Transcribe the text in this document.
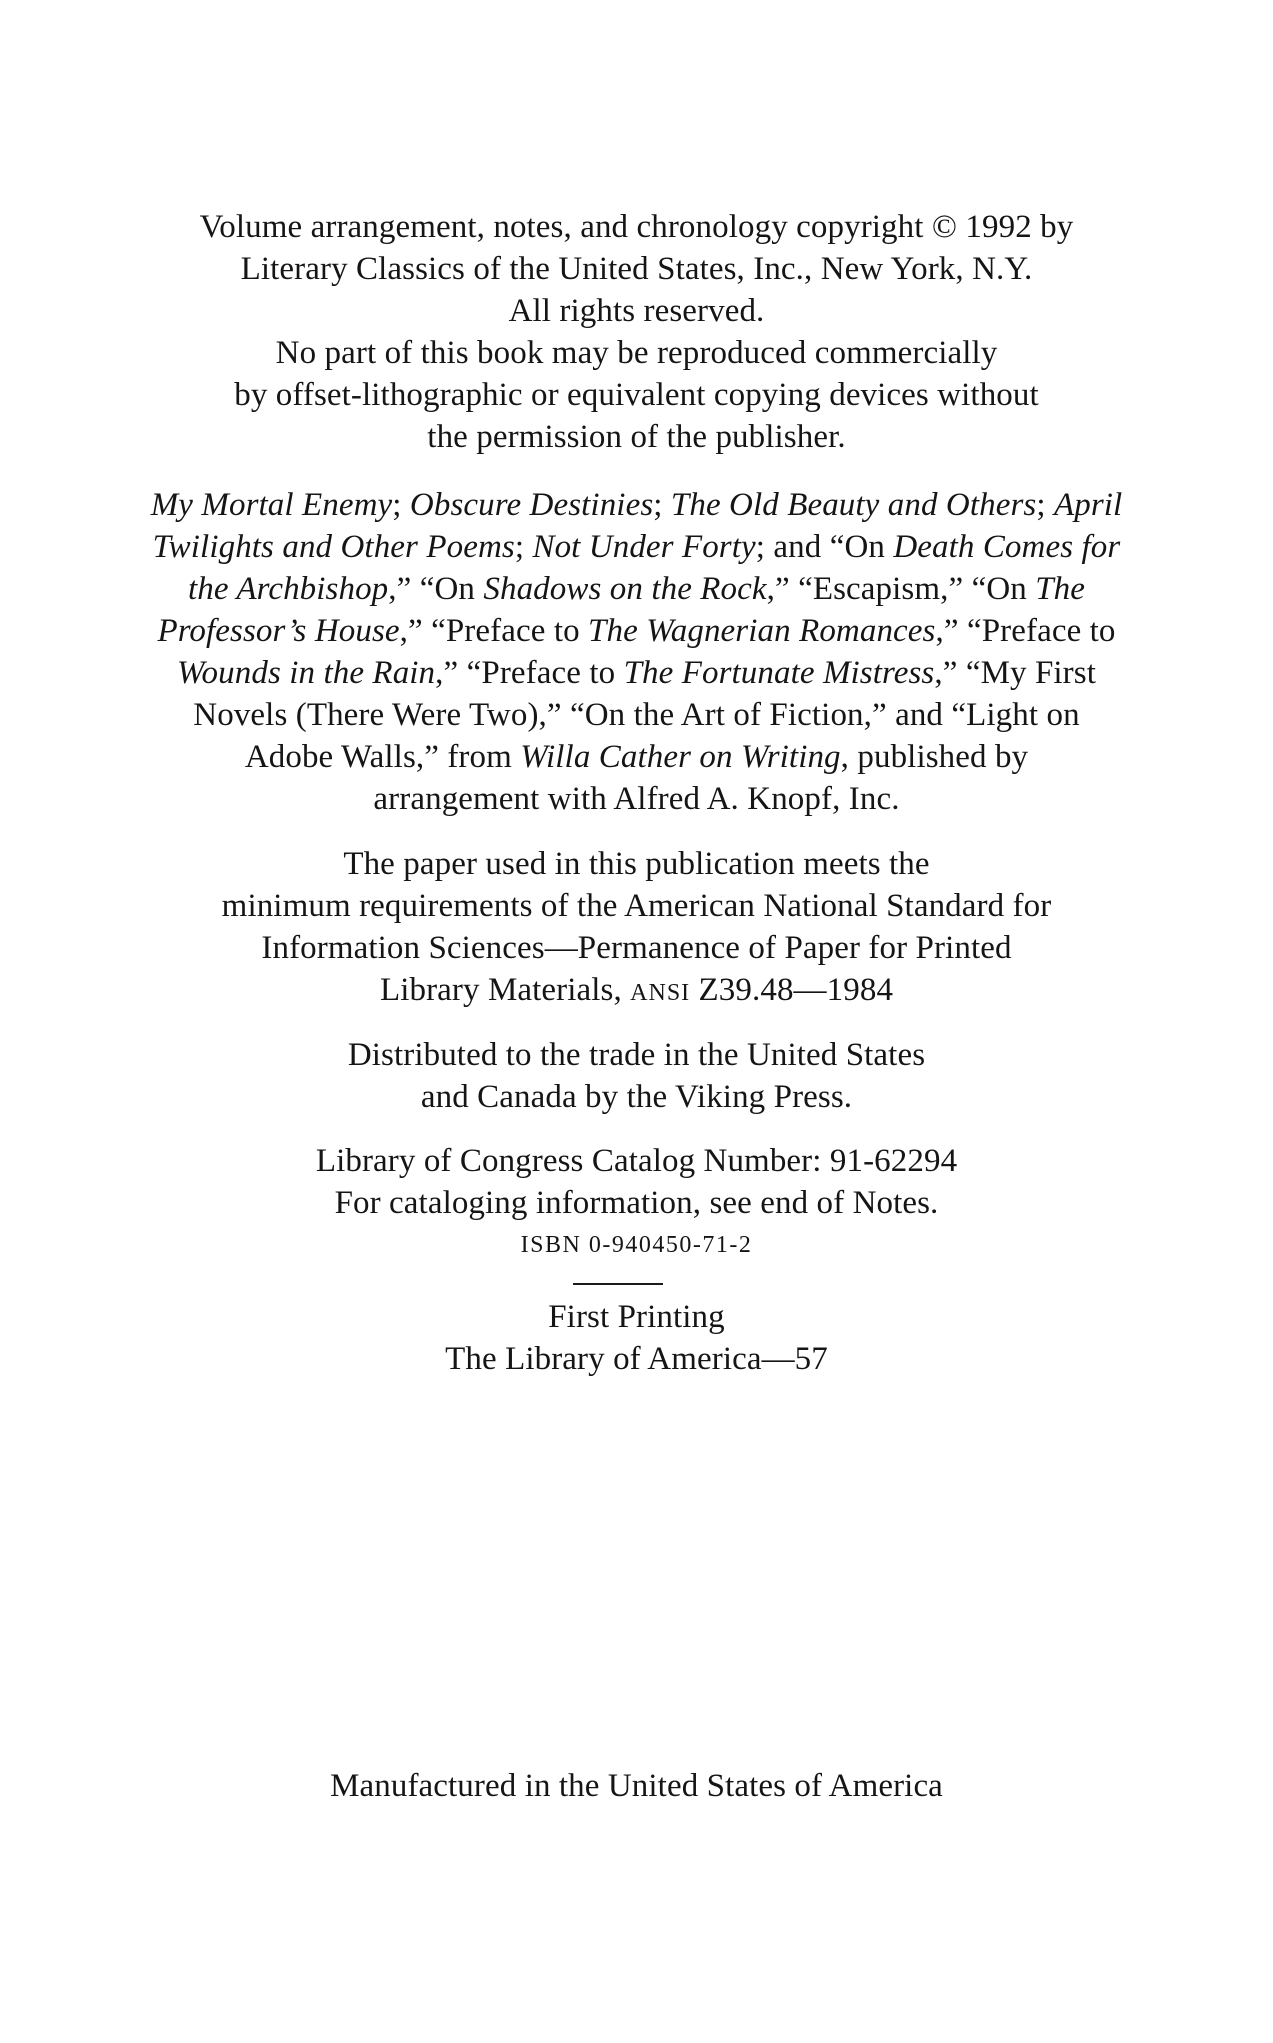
Volume arrangement, notes, and chronology copyright © 1992 by
Literary Classics of the United States, Inc., New York, N.Y.
All rights reserved.
No part of this book may be reproduced commercially
by offset-lithographic or equivalent copying devices without
the permission of the publisher.
My Mortal Enemy; Obscure Destinies; The Old Beauty and Others; April
Twilights and Other Poems; Not Under Forty; and “On Death Comes for
the Archbishop,” “On Shadows on the Rock,” “Escapism,” “On The
Professor’s House,” “Preface to The Wagnerian Romances,” “Preface to
Wounds in the Rain,” “Preface to The Fortunate Mistress,” “My First
Novels (There Were Two),” “On the Art of Fiction,” and “Light on
Adobe Walls,” from Willa Cather on Writing, published by
arrangement with Alfred A. Knopf, Inc.
The paper used in this publication meets the
minimum requirements of the American National Standard for
Information Sciences—Permanence of Paper for Printed
Library Materials, ANSI Z39.48—1984
Distributed to the trade in the United States
and Canada by the Viking Press.
Library of Congress Catalog Number: 91-62294
For cataloging information, see end of Notes.
ISBN 0-940450-71-2
First Printing
The Library of America—57
Manufactured in the United States of America
